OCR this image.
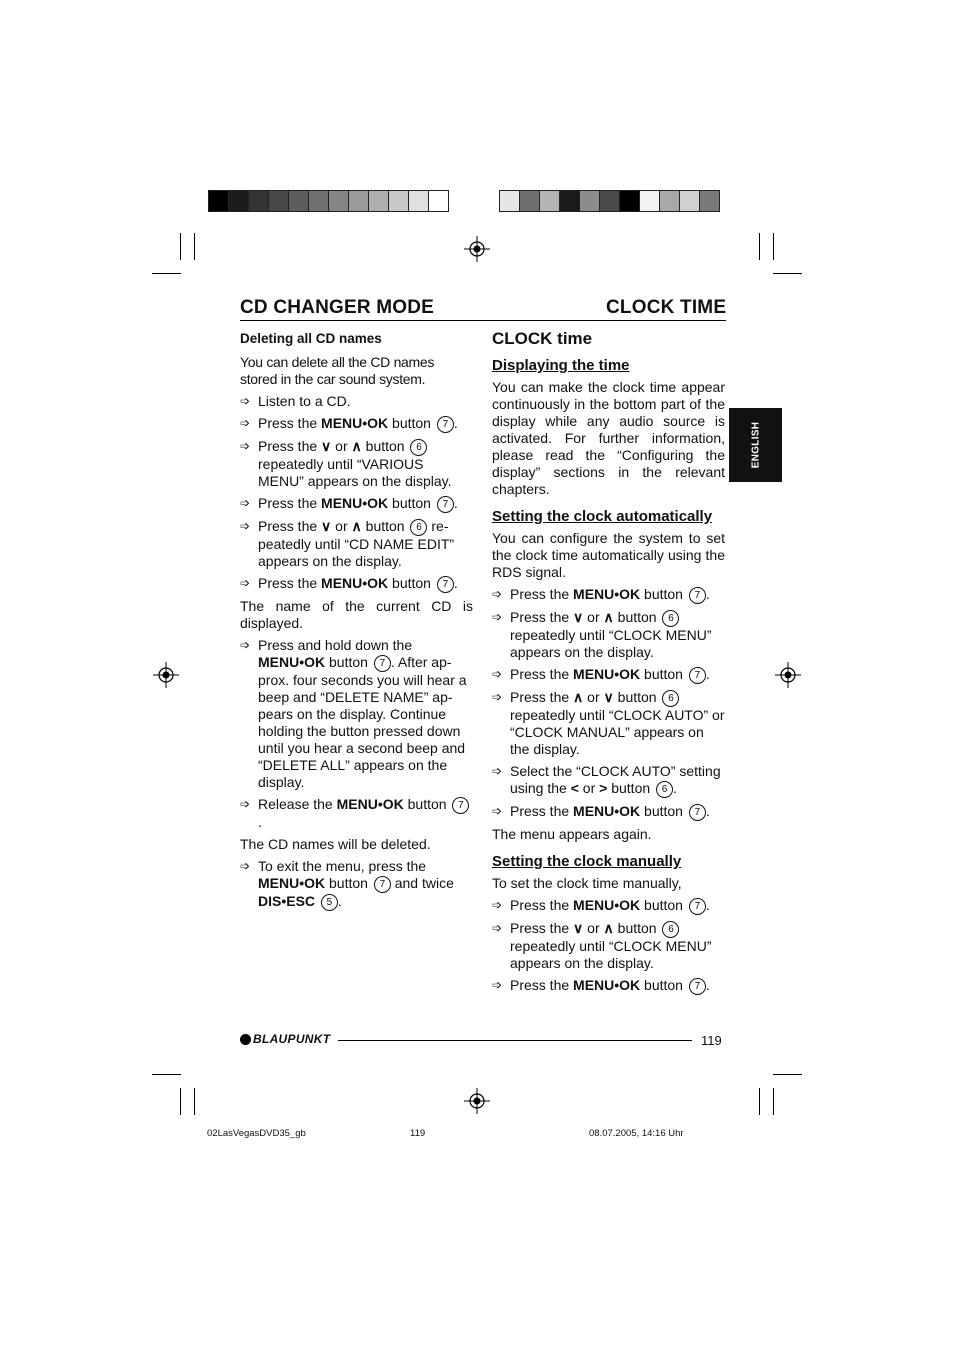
CD CHANGER MODE	CLOCK TIME
ENGLISH
Deleting all CD names

You can delete all the CD names stored in the car sound system.

➩ Listen to a CD.
➩ Press the MENU•OK button 7 .
➩ Press the ∨ or ∧ button 6 repeatedly until “VARIOUS MENU” appears on the display.
➩ Press the MENU•OK button 7 .
➩ Press the ∨ or ∧ button 6 re- peatedly until “CD NAME EDIT” appears on the display.
➩ Press the MENU•OK button 7 .

The name of the current CD is displayed.

➩ Press and hold down the MENU•OK button 7 . After approx. four seconds you will hear a beep and “DELETE NAME” appears on the display. Continue holding the button pressed down until you hear a second beep and “DELETE ALL” appears on the display.
➩ Release the MENU•OK button 7.

The CD names will be deleted.

➩ To exit the menu, press the MENU•OK button 7 and twice DIS•ESC 5 .
CLOCK time
Displaying the time

You can make the clock time appear continuously in the bottom part of the display while any audio source is activated. For further information, please read the “Configuring the display” sections in the relevant chapters.

Setting the clock automatically

You can configure the system to set the clock time automatically using the RDS signal.

➩ Press the MENU•OK button 7 .
➩ Press the ∨ or ∧ button 6 repeatedly until “CLOCK MENU” appears on the display.
➩ Press the MENU•OK button 7 .
➩ Press the ∧ or ∨ button 6 repeatedly until “CLOCK AUTO” or “CLOCK MANUAL” appears on the display.
➩ Select the “CLOCK AUTO” setting using the < or > button 6 .
➩ Press the MENU•OK button 7 .

The menu appears again.

Setting the clock manually

To set the clock time manually,

➩ Press the MENU•OK button 7 .
➩ Press the ∨ or ∧ button 6 repeatedly until “CLOCK MENU” appears on the display.
➩ Press the MENU•OK button 7 .
BLAUPUNKT	119
02LasVegasDVD35_gb	119	08.07.2005, 14:16 Uhr
